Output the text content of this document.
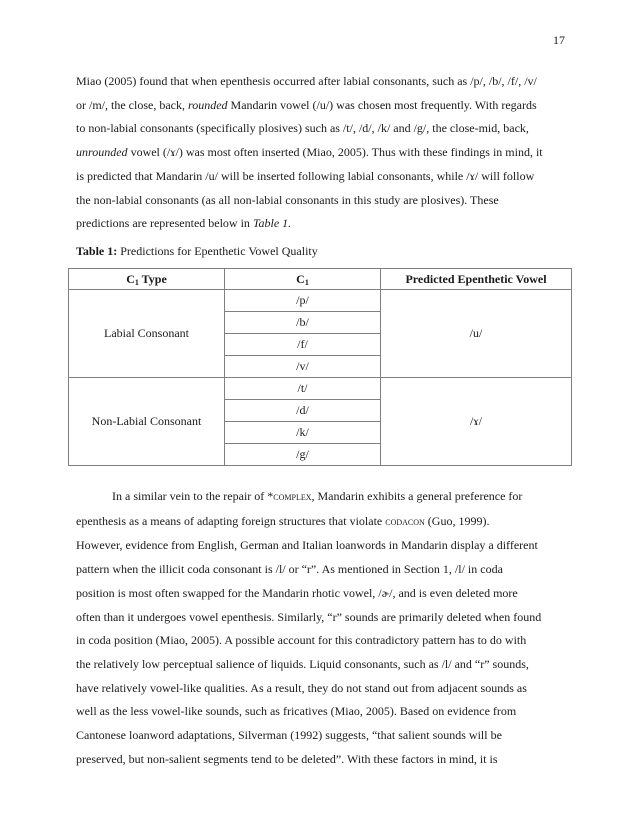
17

Miao (2005) found that when epenthesis occurred after labial consonants, such as /p/, /b/, /f/, /v/
or /m/, the close, back, rounded Mandarin vowel (/u/) was chosen most frequently. With regards
to non-labial consonants (specifically plosives) such as /t/, /d/, /k/ and /g/, the close-mid, back,
unrounded vowel (/ɤ/) was most often inserted (Miao, 2005). Thus with these findings in mind, it
is predicted that Mandarin /u/ will be inserted following labial consonants, while /ɤ/ will follow
the non-labial consonants (as all non-labial consonants in this study are plosives). These
predictions are represented below in Table 1.

Table 1: Predictions for Epenthetic Vowel Quality
$C_1$ Type	$C_1$	Predicted Epenthetic Vowel
Labial Consonant	/p/	/u/
	/b/	
	/f/	
	/v/	
Non-Labial Consonant	/t/	/ɤ/
	/d/	
	/k/	
	/g/	

In a similar vein to the repair of *complex, Mandarin exhibits a general preference for
epenthesis as a means of adapting foreign structures that violate codacon (Guo, 1999).
However, evidence from English, German and Italian loanwords in Mandarin display a different
pattern when the illicit coda consonant is /l/ or “r”. As mentioned in Section 1, /l/ in coda
position is most often swapped for the Mandarin rhotic vowel, /ɚ/, and is even deleted more
often than it undergoes vowel epenthesis. Similarly, “r” sounds are primarily deleted when found
in coda position (Miao, 2005). A possible account for this contradictory pattern has to do with
the relatively low perceptual salience of liquids. Liquid consonants, such as /l/ and “r” sounds,
have relatively vowel-like qualities. As a result, they do not stand out from adjacent sounds as
well as the less vowel-like sounds, such as fricatives (Miao, 2005). Based on evidence from
Cantonese loanword adaptations, Silverman (1992) suggests, “that salient sounds will be
preserved, but non-salient segments tend to be deleted”. With these factors in mind, it is
